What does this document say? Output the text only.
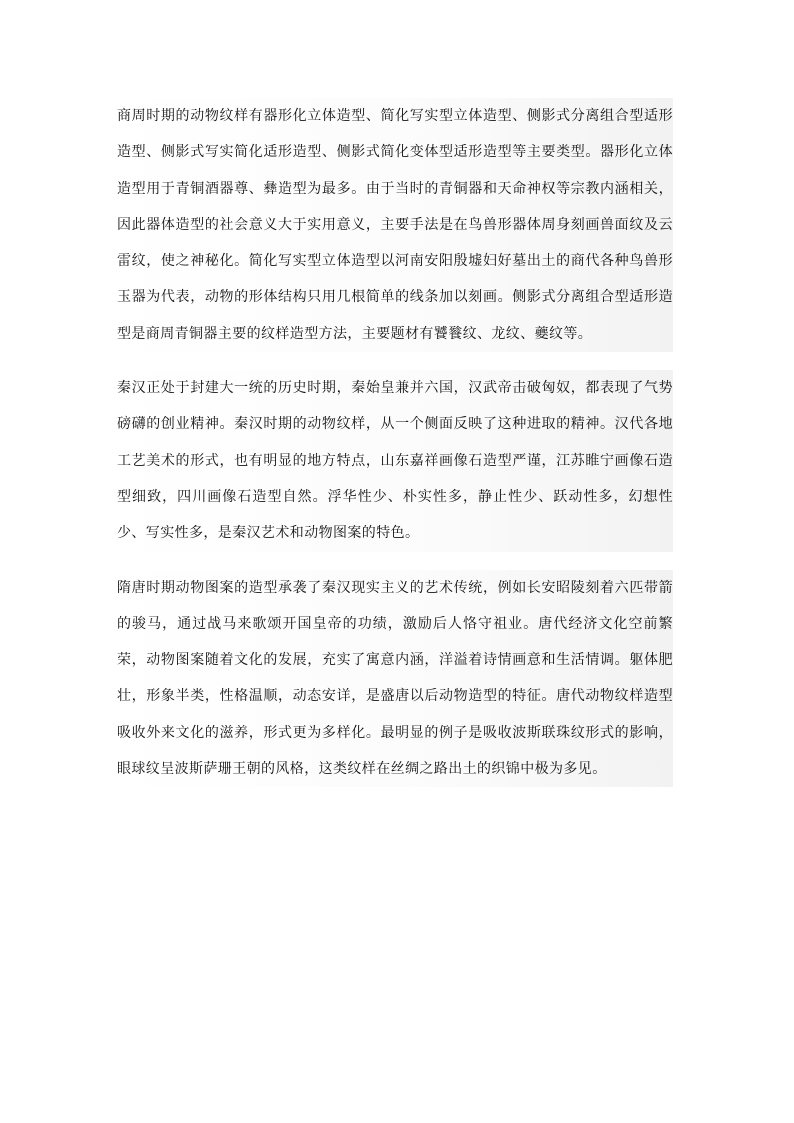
商周时期的动物纹样有器形化立体造型、简化写实型立体造型、侧影式分离组合型适形造型、侧影式写实简化适形造型、侧影式简化变体型适形造型等主要类型。器形化立体造型用于青铜酒器尊、彝造型为最多。由于当时的青铜器和天命神权等宗教内涵相关，因此器体造型的社会意义大于实用意义，主要手法是在鸟兽形器体周身刻画兽面纹及云雷纹，使之神秘化。简化写实型立体造型以河南安阳殷墟妇好墓出土的商代各种鸟兽形玉器为代表，动物的形体结构只用几根简单的线条加以刻画。侧影式分离组合型适形造型是商周青铜器主要的纹样造型方法，主要题材有饕餮纹、龙纹、夔纹等。

秦汉正处于封建大一统的历史时期，秦始皇兼并六国，汉武帝击破匈奴，都表现了气势磅礴的创业精神。秦汉时期的动物纹样，从一个侧面反映了这种进取的精神。汉代各地工艺美术的形式，也有明显的地方特点，山东嘉祥画像石造型严谨，江苏睢宁画像石造型细致，四川画像石造型自然。浮华性少、朴实性多，静止性少、跃动性多，幻想性少、写实性多，是秦汉艺术和动物图案的特色。

隋唐时期动物图案的造型承袭了秦汉现实主义的艺术传统，例如长安昭陵刻着六匹带箭的骏马，通过战马来歌颂开国皇帝的功绩，激励后人恪守祖业。唐代经济文化空前繁荣，动物图案随着文化的发展，充实了寓意内涵，洋溢着诗情画意和生活情调。躯体肥壮，形象半类，性格温顺，动态安详，是盛唐以后动物造型的特征。唐代动物纹样造型吸收外来文化的滋养，形式更为多样化。最明显的例子是吸收波斯联珠纹形式的影响，眼球纹呈波斯萨珊王朝的风格，这类纹样在丝绸之路出土的织锦中极为多见。
